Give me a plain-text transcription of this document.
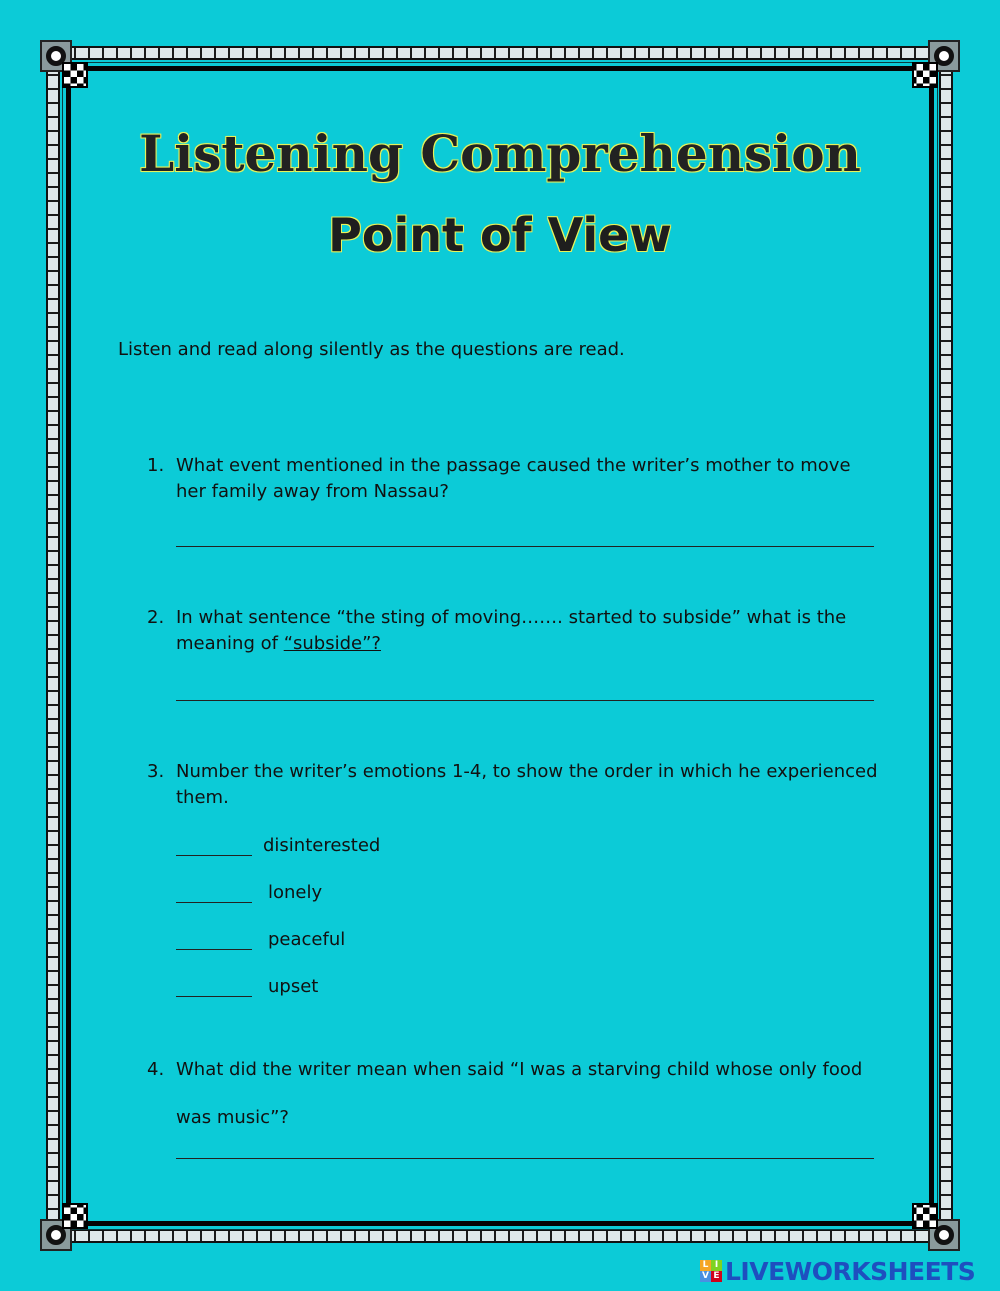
Listening Comprehension
Point of View

Listen and read along silently as the questions are read.

1. What event mentioned in the passage caused the writer’s mother to move her family away from Nassau?
2. In what sentence “the sting of moving……. started to subside” what is the meaning of “subside”?
3. Number the writer’s emotions 1-4, to show the order in which he experienced them.
disinterested
lonely
peaceful
upset
4. What did the writer mean when said “I was a starving child whose only food was music”?
L I
V E LIVEWORKSHEETS
